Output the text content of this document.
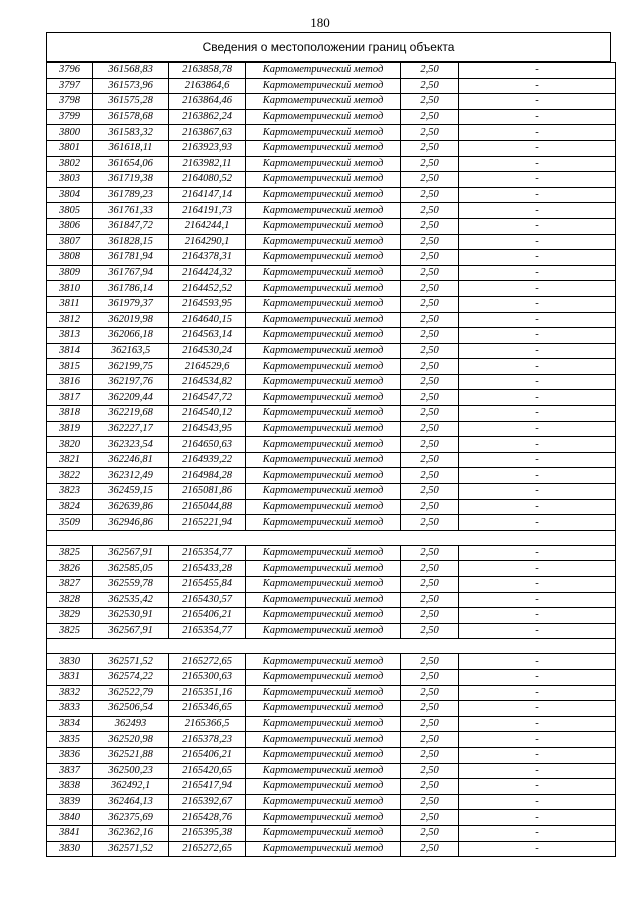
180
Сведения о местоположении границ объекта
3796	361568,83	2163858,78	Картометрический метод	2,50	-
3797	361573,96	2163864,6	Картометрический метод	2,50	-
3798	361575,28	2163864,46	Картометрический метод	2,50	-
3799	361578,68	2163862,24	Картометрический метод	2,50	-
3800	361583,32	2163867,63	Картометрический метод	2,50	-
3801	361618,11	2163923,93	Картометрический метод	2,50	-
3802	361654,06	2163982,11	Картометрический метод	2,50	-
3803	361719,38	2164080,52	Картометрический метод	2,50	-
3804	361789,23	2164147,14	Картометрический метод	2,50	-
3805	361761,33	2164191,73	Картометрический метод	2,50	-
3806	361847,72	2164244,1	Картометрический метод	2,50	-
3807	361828,15	2164290,1	Картометрический метод	2,50	-
3808	361781,94	2164378,31	Картометрический метод	2,50	-
3809	361767,94	2164424,32	Картометрический метод	2,50	-
3810	361786,14	2164452,52	Картометрический метод	2,50	-
3811	361979,37	2164593,95	Картометрический метод	2,50	-
3812	362019,98	2164640,15	Картометрический метод	2,50	-
3813	362066,18	2164563,14	Картометрический метод	2,50	-
3814	362163,5	2164530,24	Картометрический метод	2,50	-
3815	362199,75	2164529,6	Картометрический метод	2,50	-
3816	362197,76	2164534,82	Картометрический метод	2,50	-
3817	362209,44	2164547,72	Картометрический метод	2,50	-
3818	362219,68	2164540,12	Картометрический метод	2,50	-
3819	362227,17	2164543,95	Картометрический метод	2,50	-
3820	362323,54	2164650,63	Картометрический метод	2,50	-
3821	362246,81	2164939,22	Картометрический метод	2,50	-
3822	362312,49	2164984,28	Картометрический метод	2,50	-
3823	362459,15	2165081,86	Картометрический метод	2,50	-
3824	362639,86	2165044,88	Картометрический метод	2,50	-
3509	362946,86	2165221,94	Картометрический метод	2,50	-

3825	362567,91	2165354,77	Картометрический метод	2,50	-
3826	362585,05	2165433,28	Картометрический метод	2,50	-
3827	362559,78	2165455,84	Картометрический метод	2,50	-
3828	362535,42	2165430,57	Картометрический метод	2,50	-
3829	362530,91	2165406,21	Картометрический метод	2,50	-
3825	362567,91	2165354,77	Картометрический метод	2,50	-

3830	362571,52	2165272,65	Картометрический метод	2,50	-
3831	362574,22	2165300,63	Картометрический метод	2,50	-
3832	362522,79	2165351,16	Картометрический метод	2,50	-
3833	362506,54	2165346,65	Картометрический метод	2,50	-
3834	362493	2165366,5	Картометрический метод	2,50	-
3835	362520,98	2165378,23	Картометрический метод	2,50	-
3836	362521,88	2165406,21	Картометрический метод	2,50	-
3837	362500,23	2165420,65	Картометрический метод	2,50	-
3838	362492,1	2165417,94	Картометрический метод	2,50	-
3839	362464,13	2165392,67	Картометрический метод	2,50	-
3840	362375,69	2165428,76	Картометрический метод	2,50	-
3841	362362,16	2165395,38	Картометрический метод	2,50	-
3830	362571,52	2165272,65	Картометрический метод	2,50	-
